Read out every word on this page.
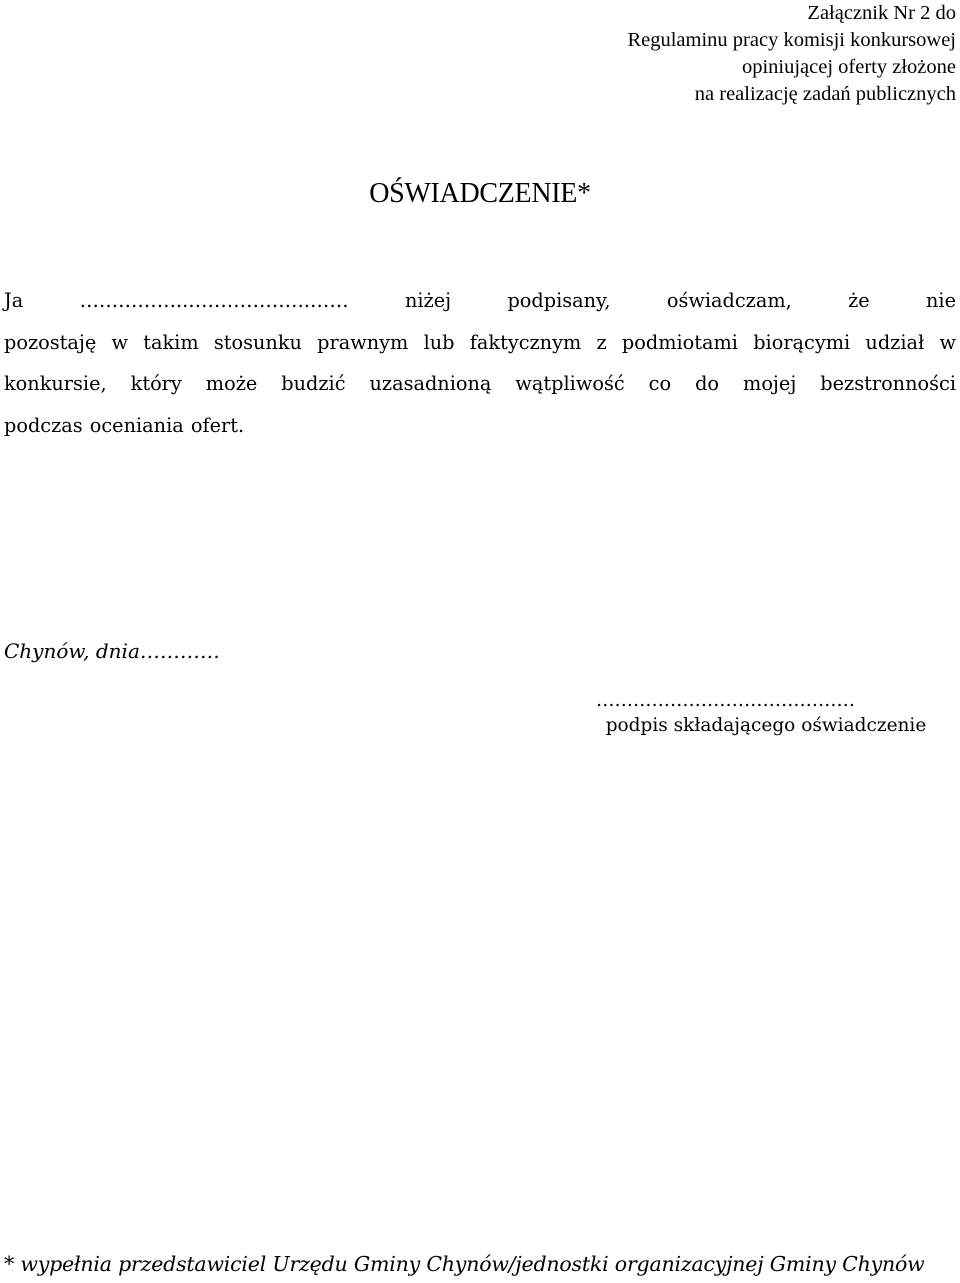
Załącznik Nr 2 do
Regulaminu pracy komisji konkursowej
opiniującej oferty złożone
na realizację zadań publicznych
OŚWIADCZENIE*
Ja ……………..……………….…… niżej podpisany, oświadczam, że nie
pozostaję w takim stosunku prawnym lub faktycznym z podmiotami biorącymi udział w
konkursie, który może budzić uzasadnioną wątpliwość co do mojej bezstronności
podczas oceniania ofert.
Chynów, dnia…………
……………………………………
podpis składającego oświadczenie
* wypełnia przedstawiciel Urzędu Gminy Chynów/jednostki organizacyjnej Gminy Chynów
